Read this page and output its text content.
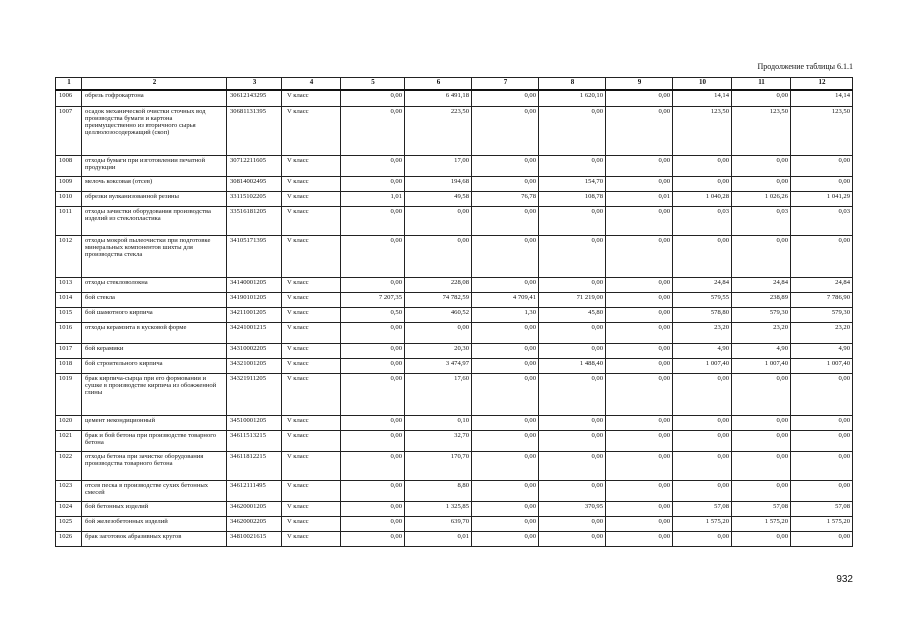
Продолжение таблицы 6.1.1
1	2	3	4	5	6	7	8	9	10	11	12
1006	обрезь гофрокартона	30612143295	V класс	0,00	6 491,18	0,00	1 620,10	0,00	14,14	0,00	14,14
1007	осадок механической очистки сточных вод производства бумаги и картона преимущественно из вторичного сырья целлюлозосодержащий (скоп)	30681131395	V класс	0,00	223,50	0,00	0,00	0,00	123,50	123,50	123,50
1008	отходы бумаги при изготовлении печатной продукции	30712211605	V класс	0,00	17,00	0,00	0,00	0,00	0,00	0,00	0,00
1009	мелочь коксовая (отсев)	30814002495	V класс	0,00	194,68	0,00	154,70	0,00	0,00	0,00	0,00
1010	обрезки вулканизованной резины	33115102205	V класс	1,01	49,58	76,78	108,78	0,01	1 040,28	1 026,26	1 041,29
1011	отходы зачистки оборудования производства изделий из стеклопластика	33516181205	V класс	0,00	0,00	0,00	0,00	0,00	0,03	0,03	0,03
1012	отходы мокрой пылеочистки при подготовке минеральных компонентов шихты для производства стекла	34105171395	V класс	0,00	0,00	0,00	0,00	0,00	0,00	0,00	0,00
1013	отходы стекловолокна	34140001205	V класс	0,00	228,08	0,00	0,00	0,00	24,84	24,84	24,84
1014	бой стекла	34190101205	V класс	7 207,35	74 782,59	4 709,41	71 219,00	0,00	579,55	238,89	7 786,90
1015	бой шамотного кирпича	34211001205	V класс	0,50	460,52	1,30	45,80	0,00	578,80	579,30	579,30
1016	отходы керамзита в кусковой форме	34241001215	V класс	0,00	0,00	0,00	0,00	0,00	23,20	23,20	23,20
1017	бой керамики	34310002205	V класс	0,00	20,30	0,00	0,00	0,00	4,90	4,90	4,90
1018	бой строительного кирпича	34321001205	V класс	0,00	3 474,97	0,00	1 488,40	0,00	1 007,40	1 007,40	1 007,40
1019	брак кирпича-сырца при его формовании и сушке в производстве кирпича из обожженной глины	34321911205	V класс	0,00	17,60	0,00	0,00	0,00	0,00	0,00	0,00
1020	цемент некондиционный	34510001205	V класс	0,00	0,10	0,00	0,00	0,00	0,00	0,00	0,00
1021	брак и бой бетона при производстве товарного бетона	34611513215	V класс	0,00	32,70	0,00	0,00	0,00	0,00	0,00	0,00
1022	отходы бетона при зачистке оборудования производства товарного бетона	34611812215	V класс	0,00	170,70	0,00	0,00	0,00	0,00	0,00	0,00
1023	отсев песка в производстве сухих бетонных смесей	34612111495	V класс	0,00	8,80	0,00	0,00	0,00	0,00	0,00	0,00
1024	бой бетонных изделий	34620001205	V класс	0,00	1 325,85	0,00	370,95	0,00	57,08	57,08	57,08
1025	бой железобетонных изделий	34620002205	V класс	0,00	639,70	0,00	0,00	0,00	1 575,20	1 575,20	1 575,20
1026	брак заготовок абразивных кругов	34810021615	V класс	0,00	0,01	0,00	0,00	0,00	0,00	0,00	0,00
932
